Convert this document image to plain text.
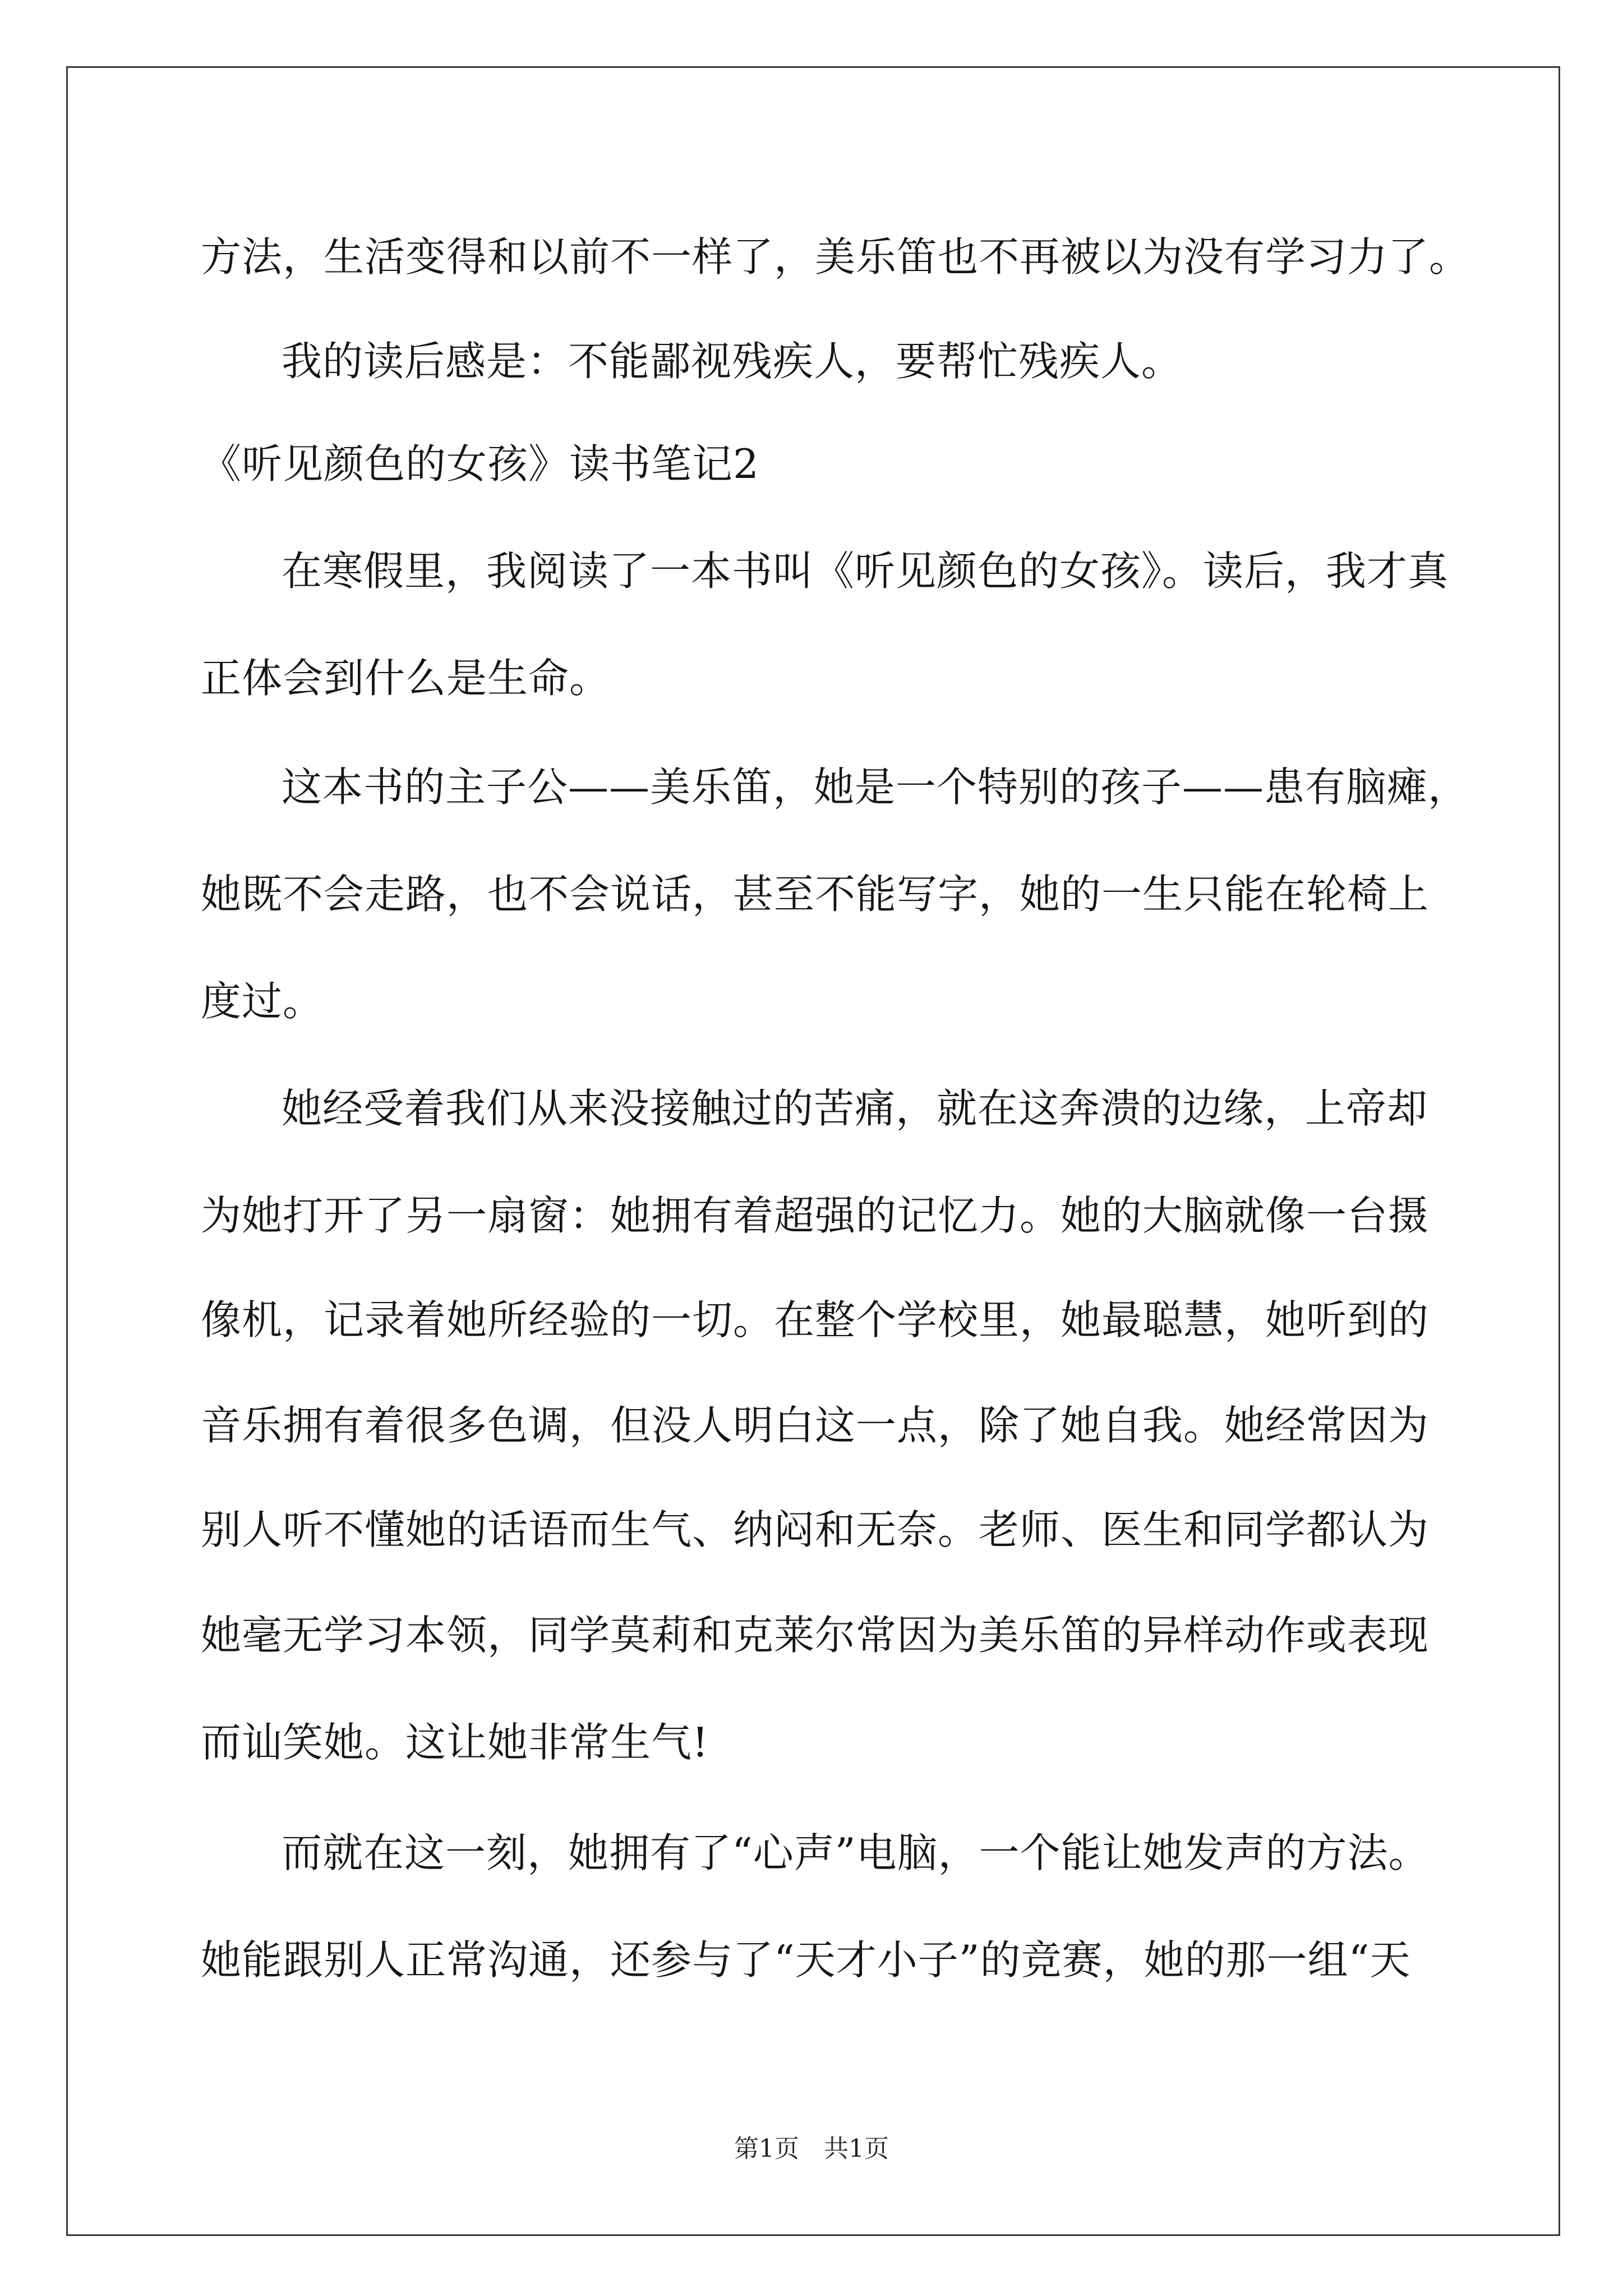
方法，生活变得和以前不一样了，美乐笛也不再被以为没有学习力了。
我的读后感是：不能鄙视残疾人，要帮忙残疾人。
《听见颜色的女孩》读书笔记2
在寒假里，我阅读了一本书叫《听见颜色的女孩》。读后，我才真
正体会到什么是生命。
这本书的主子公——美乐笛，她是一个特别的孩子——患有脑瘫，
她既不会走路，也不会说话，甚至不能写字，她的一生只能在轮椅上
度过。
她经受着我们从来没接触过的苦痛，就在这奔溃的边缘，上帝却
为她打开了另一扇窗：她拥有着超强的记忆力。她的大脑就像一台摄
像机，记录着她所经验的一切。在整个学校里，她最聪慧，她听到的
音乐拥有着很多色调，但没人明白这一点，除了她自我。她经常因为
别人听不懂她的话语而生气、纳闷和无奈。老师、医生和同学都认为
她毫无学习本领，同学莫莉和克莱尔常因为美乐笛的异样动作或表现
而讪笑她。这让她非常生气!
而就在这一刻，她拥有了“心声”电脑，一个能让她发声的方法。
她能跟别人正常沟通，还参与了“天才小子”的竞赛，她的那一组“天
第1页　共1页
